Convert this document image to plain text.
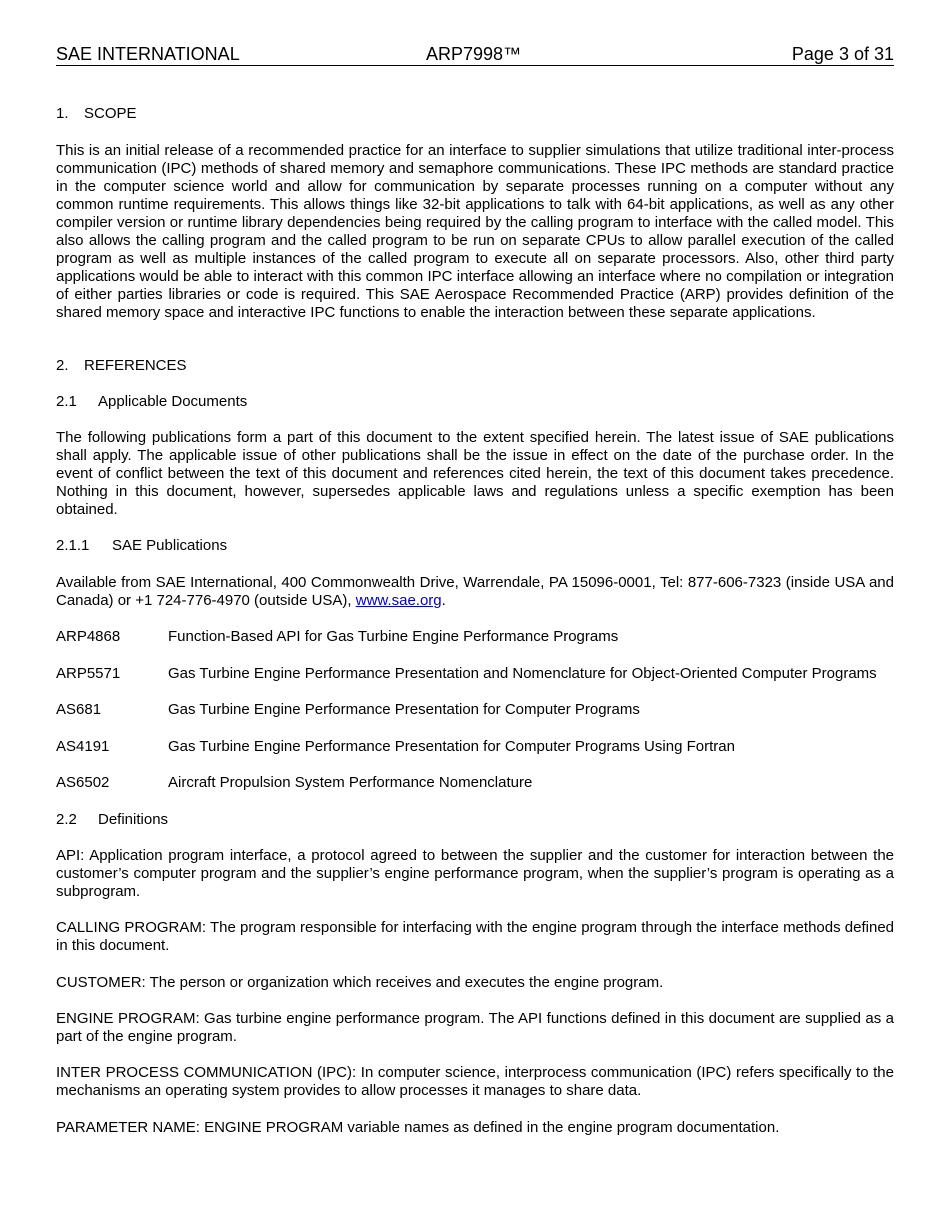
SAE INTERNATIONAL	ARP7998™	Page 3 of 31
1. SCOPE
This is an initial release of a recommended practice for an interface to supplier simulations that utilize traditional inter-process communication (IPC) methods of shared memory and semaphore communications. These IPC methods are standard practice in the computer science world and allow for communication by separate processes running on a computer without any common runtime requirements. This allows things like 32-bit applications to talk with 64-bit applications, as well as any other compiler version or runtime library dependencies being required by the calling program to interface with the called model. This also allows the calling program and the called program to be run on separate CPUs to allow parallel execution of the called program as well as multiple instances of the called program to execute all on separate processors. Also, other third party applications would be able to interact with this common IPC interface allowing an interface where no compilation or integration of either parties libraries or code is required. This SAE Aerospace Recommended Practice (ARP) provides definition of the shared memory space and interactive IPC functions to enable the interaction between these separate applications.
2. REFERENCES
2.1 Applicable Documents
The following publications form a part of this document to the extent specified herein. The latest issue of SAE publications shall apply. The applicable issue of other publications shall be the issue in effect on the date of the purchase order. In the event of conflict between the text of this document and references cited herein, the text of this document takes precedence. Nothing in this document, however, supersedes applicable laws and regulations unless a specific exemption has been obtained.
2.1.1 SAE Publications
Available from SAE International, 400 Commonwealth Drive, Warrendale, PA 15096-0001, Tel: 877-606-7323 (inside USA and Canada) or +1 724-776-4970 (outside USA), www.sae.org.
ARP4868	Function-Based API for Gas Turbine Engine Performance Programs
ARP5571	Gas Turbine Engine Performance Presentation and Nomenclature for Object-Oriented Computer Programs
AS681	Gas Turbine Engine Performance Presentation for Computer Programs
AS4191	Gas Turbine Engine Performance Presentation for Computer Programs Using Fortran
AS6502	Aircraft Propulsion System Performance Nomenclature
2.2 Definitions
API: Application program interface, a protocol agreed to between the supplier and the customer for interaction between the customer’s computer program and the supplier’s engine performance program, when the supplier’s program is operating as a subprogram.
CALLING PROGRAM: The program responsible for interfacing with the engine program through the interface methods defined in this document.
CUSTOMER: The person or organization which receives and executes the engine program.
ENGINE PROGRAM: Gas turbine engine performance program. The API functions defined in this document are supplied as a part of the engine program.
INTER PROCESS COMMUNICATION (IPC): In computer science, interprocess communication (IPC) refers specifically to the mechanisms an operating system provides to allow processes it manages to share data.
PARAMETER NAME: ENGINE PROGRAM variable names as defined in the engine program documentation.
